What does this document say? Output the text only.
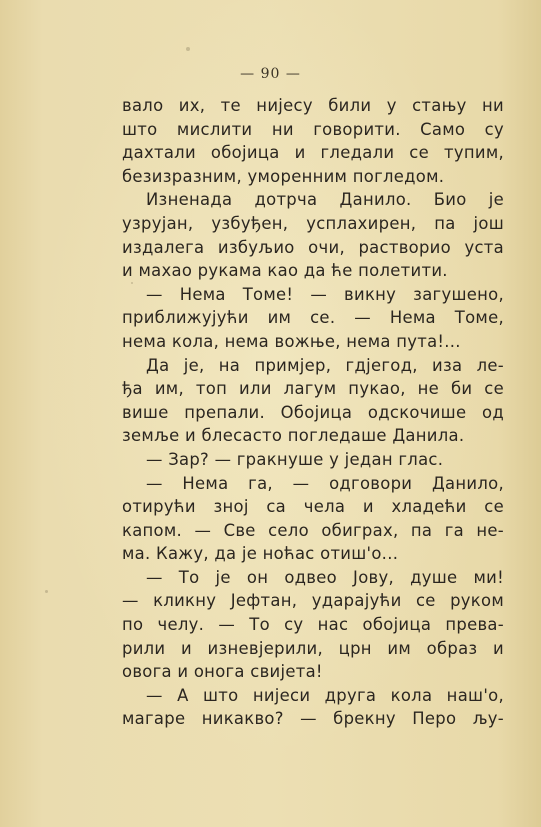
— 90 —
вало их, те нијесу били у стању ни
што мислити ни говорити. Само су
дахтали обојица и гледали се тупим,
безизразним, уморенним погледом.
Изненада дотрча Данило. Био је
узрујан, узбуђен, усплахирен, па још
издалега избуљио очи, растворио уста
и махао рукама као да ће полетити.
— Нема Томе! — викну загушено,
приближујући им се. — Нема Томе,
нема кола, нема вожње, нема пута!...
Да је, на примјер, гдјегод, иза ле-
ђа им, топ или лагум пукао, не би се
више препали. Обојица одскочише од
земље и блесасто погледаше Данила.
— Зар? — гракнуше у један глас.
— Нема га, — одговори Данило,
отирући зној са чела и хладећи се
капом. — Све село обиграх, па га не-
ма. Кажу, да је ноћас отиш'о...
— То је он одвео Јову, душе ми!
— кликну Јефтан, ударајући се руком
по челу. — То су нас обојица прева-
рили и изневјерили, црн им образ и
овога и онога свијета!
— А што нијеси друга кола наш'о,
магаре никакво? — брекну Перо љу-
